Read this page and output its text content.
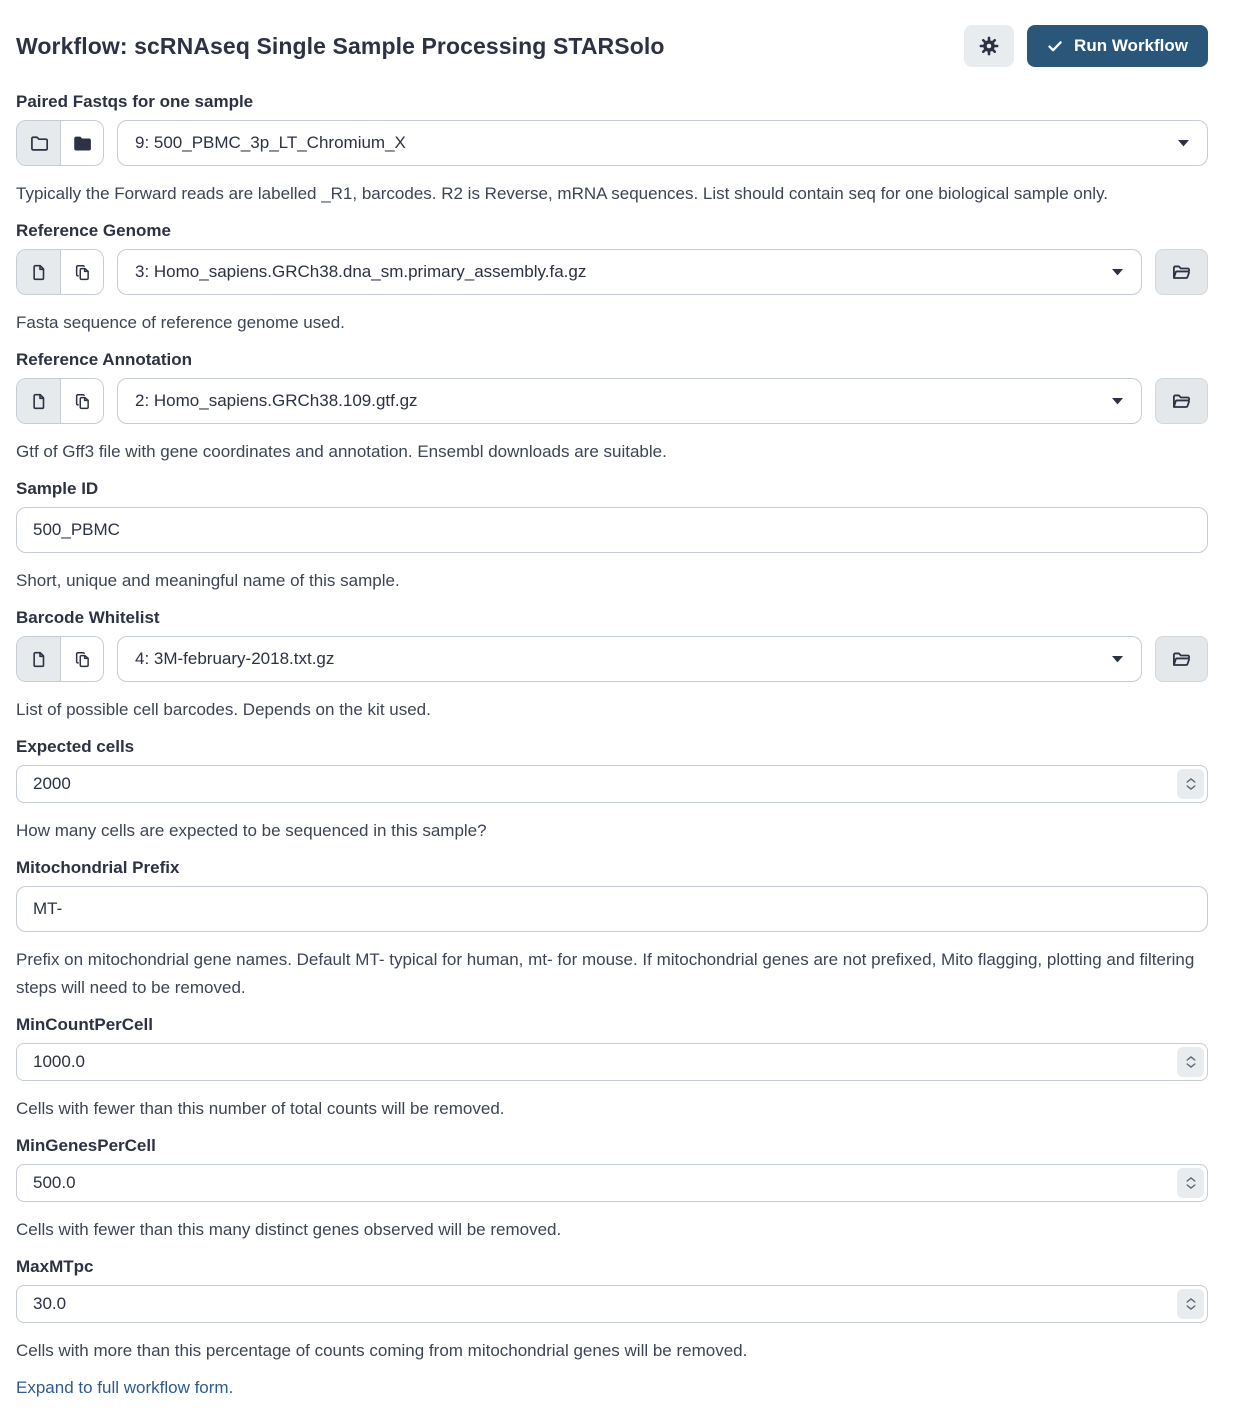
Workflow: scRNAseq Single Sample Processing STARSolo	Run Workflow
Paired Fastqs for one sample
9: 500_PBMC_3p_LT_Chromium_X
Typically the Forward reads are labelled _R1, barcodes. R2 is Reverse, mRNA sequences. List should contain seq for one biological sample only.
Reference Genome
3: Homo_sapiens.GRCh38.dna_sm.primary_assembly.fa.gz
Fasta sequence of reference genome used.
Reference Annotation
2: Homo_sapiens.GRCh38.109.gtf.gz
Gtf of Gff3 file with gene coordinates and annotation. Ensembl downloads are suitable.
Sample ID
500_PBMC
Short, unique and meaningful name of this sample.
Barcode Whitelist
4: 3M-february-2018.txt.gz
List of possible cell barcodes. Depends on the kit used.
Expected cells
2000
How many cells are expected to be sequenced in this sample?
Mitochondrial Prefix
MT-
Prefix on mitochondrial gene names. Default MT- typical for human, mt- for mouse. If mitochondrial genes are not prefixed, Mito flagging, plotting and filtering steps will need to be removed.
MinCountPerCell
1000.0
Cells with fewer than this number of total counts will be removed.
MinGenesPerCell
500.0
Cells with fewer than this many distinct genes observed will be removed.
MaxMTpc
30.0
Cells with more than this percentage of counts coming from mitochondrial genes will be removed.
Expand to full workflow form.
